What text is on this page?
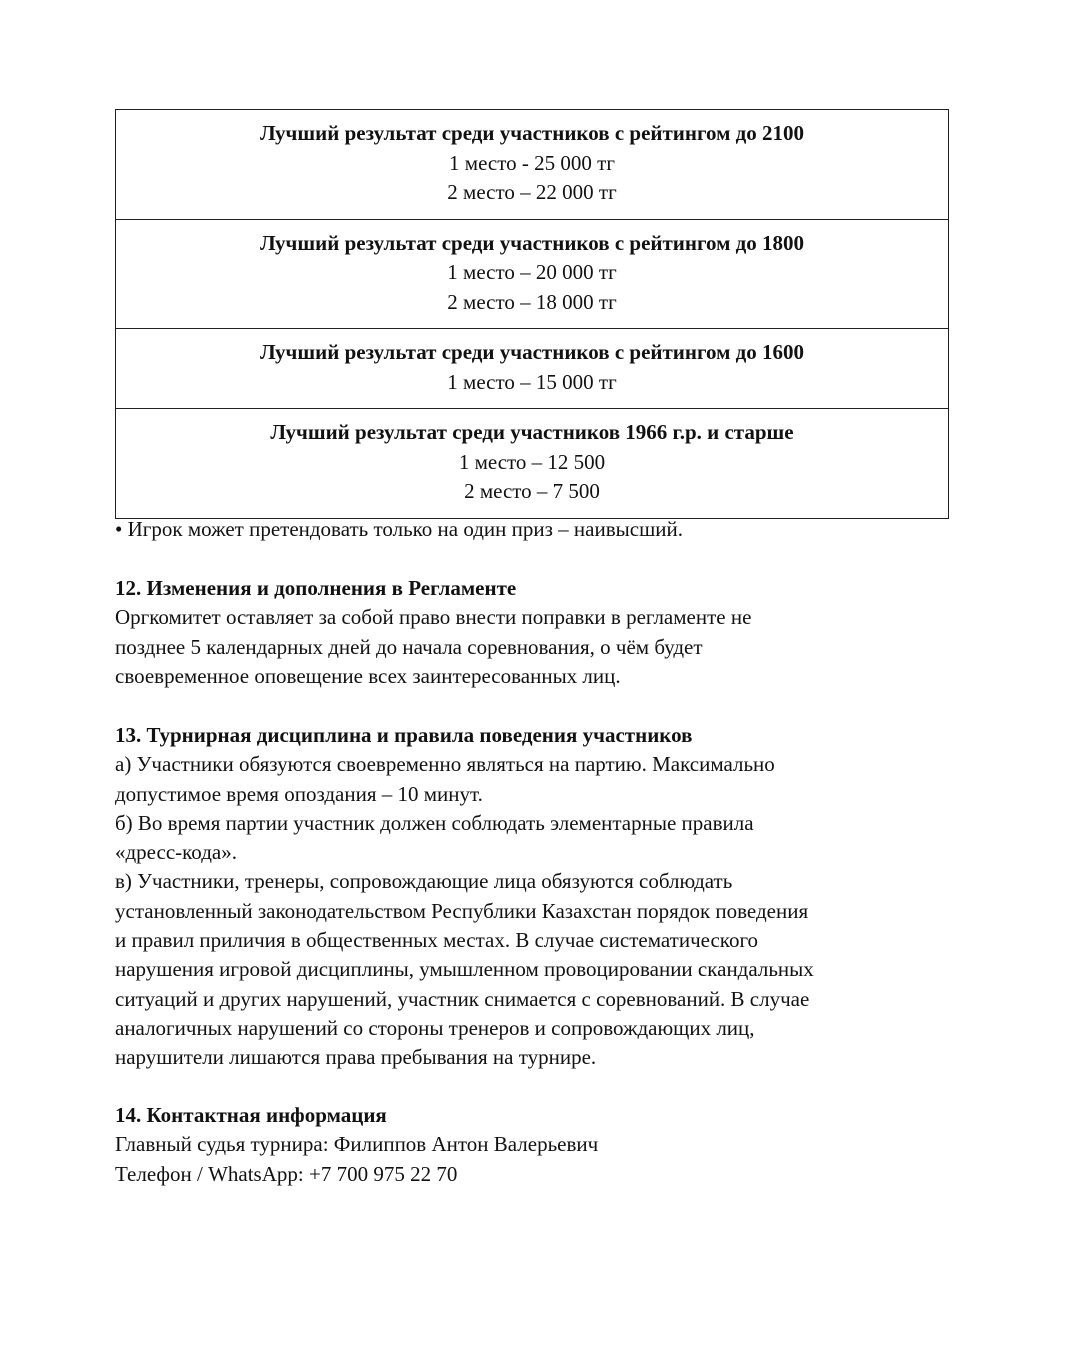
Лучший результат среди участников с рейтингом до 2100
1 место - 25 000 тг
2 место – 22 000 тг
Лучший результат среди участников с рейтингом до 1800
1 место – 20 000 тг
2 место – 18 000 тг
Лучший результат среди участников с рейтингом до 1600
1 место – 15 000 тг
Лучший результат среди участников 1966 г.р. и старше
1 место – 12 500
2 место – 7 500
• Игрок может претендовать только на один приз – наивысший.
12. Изменения и дополнения в Регламенте
Оргкомитет оставляет за собой право внести поправки в регламенте не
позднее 5 календарных дней до начала соревнования, о чём будет
своевременное оповещение всех заинтересованных лиц.
13. Турнирная дисциплина и правила поведения участников
а) Участники обязуются своевременно являться на партию. Максимально
допустимое время опоздания – 10 минут.
б) Во время партии участник должен соблюдать элементарные правила
«дресс-кода».
в) Участники, тренеры, сопровождающие лица обязуются соблюдать
установленный законодательством Республики Казахстан порядок поведения
и правил приличия в общественных местах. В случае систематического
нарушения игровой дисциплины, умышленном провоцировании скандальных
ситуаций и других нарушений, участник снимается с соревнований. В случае
аналогичных нарушений со стороны тренеров и сопровождающих лиц,
нарушители лишаются права пребывания на турнире.
14. Контактная информация
Главный судья турнира: Филиппов Антон Валерьевич
Телефон / WhatsApp: +7 700 975 22 70
